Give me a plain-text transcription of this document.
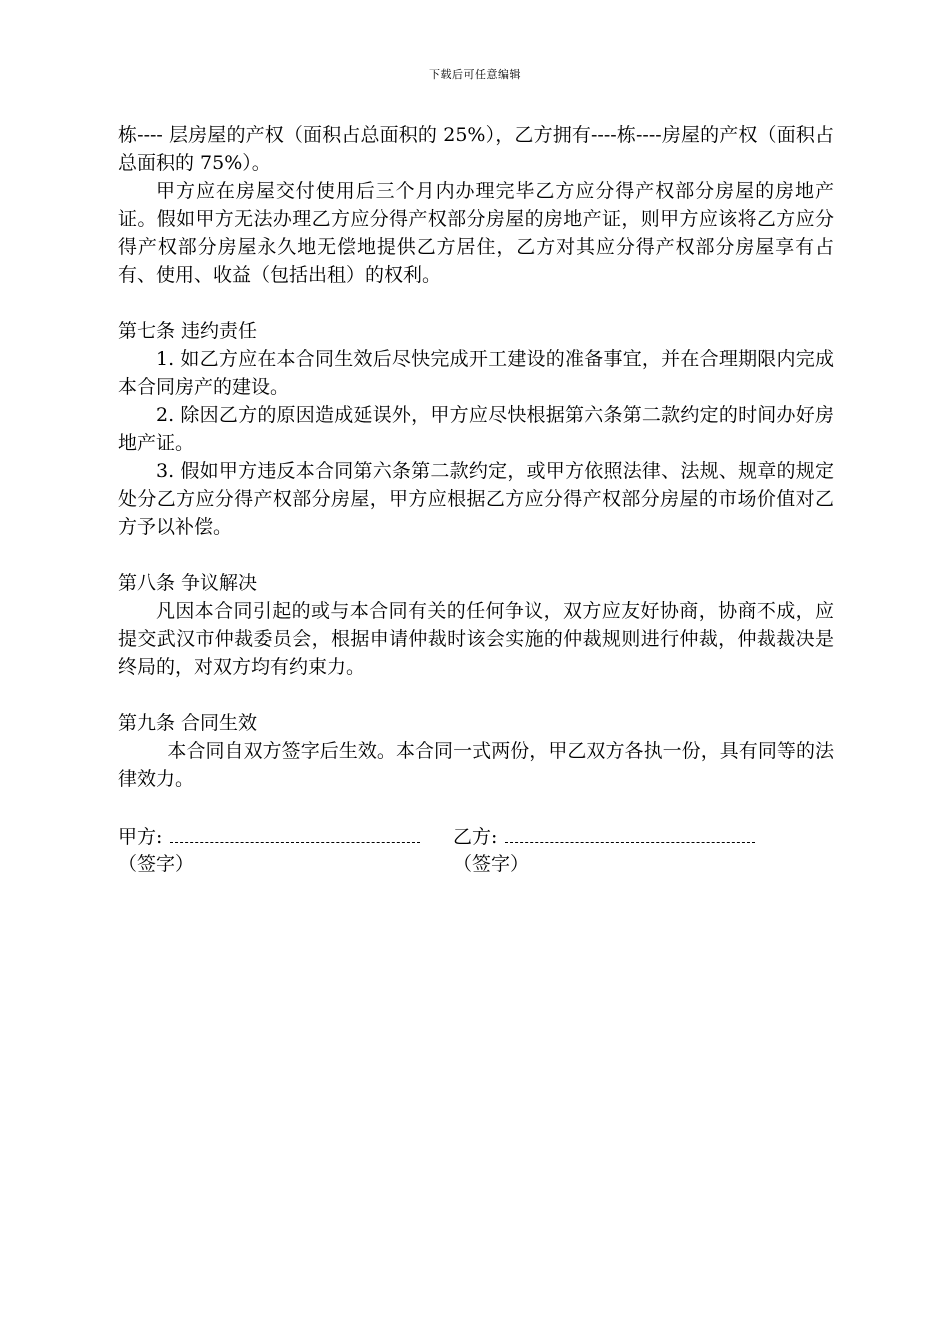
下载后可任意编辑

栋---- 层房屋的产权（面积占总面积的 25%），乙方拥有----栋----房屋的产权（面积占总面积的 75%）。

甲方应在房屋交付使用后三个月内办理完毕乙方应分得产权部分房屋的房地产证。假如甲方无法办理乙方应分得产权部分房屋的房地产证，则甲方应该将乙方应分得产权部分房屋永久地无偿地提供乙方居住，乙方对其应分得产权部分房屋享有占有、使用、收益（包括出租）的权利。

第七条 违约责任

1. 如乙方应在本合同生效后尽快完成开工建设的准备事宜，并在合理期限内完成本合同房产的建设。

2. 除因乙方的原因造成延误外，甲方应尽快根据第六条第二款约定的时间办好房地产证。

3. 假如甲方违反本合同第六条第二款约定，或甲方依照法律、法规、规章的规定处分乙方应分得产权部分房屋，甲方应根据乙方应分得产权部分房屋的市场价值对乙方予以补偿。

第八条 争议解决

凡因本合同引起的或与本合同有关的任何争议，双方应友好协商，协商不成，应提交武汉市仲裁委员会，根据申请仲裁时该会实施的仲裁规则进行仲裁，仲裁裁决是终局的，对双方均有约束力。

第九条 合同生效

本合同自双方签字后生效。本合同一式两份，甲乙双方各执一份，具有同等的法律效力。

甲方:
（签字）
乙方:
（签字）
